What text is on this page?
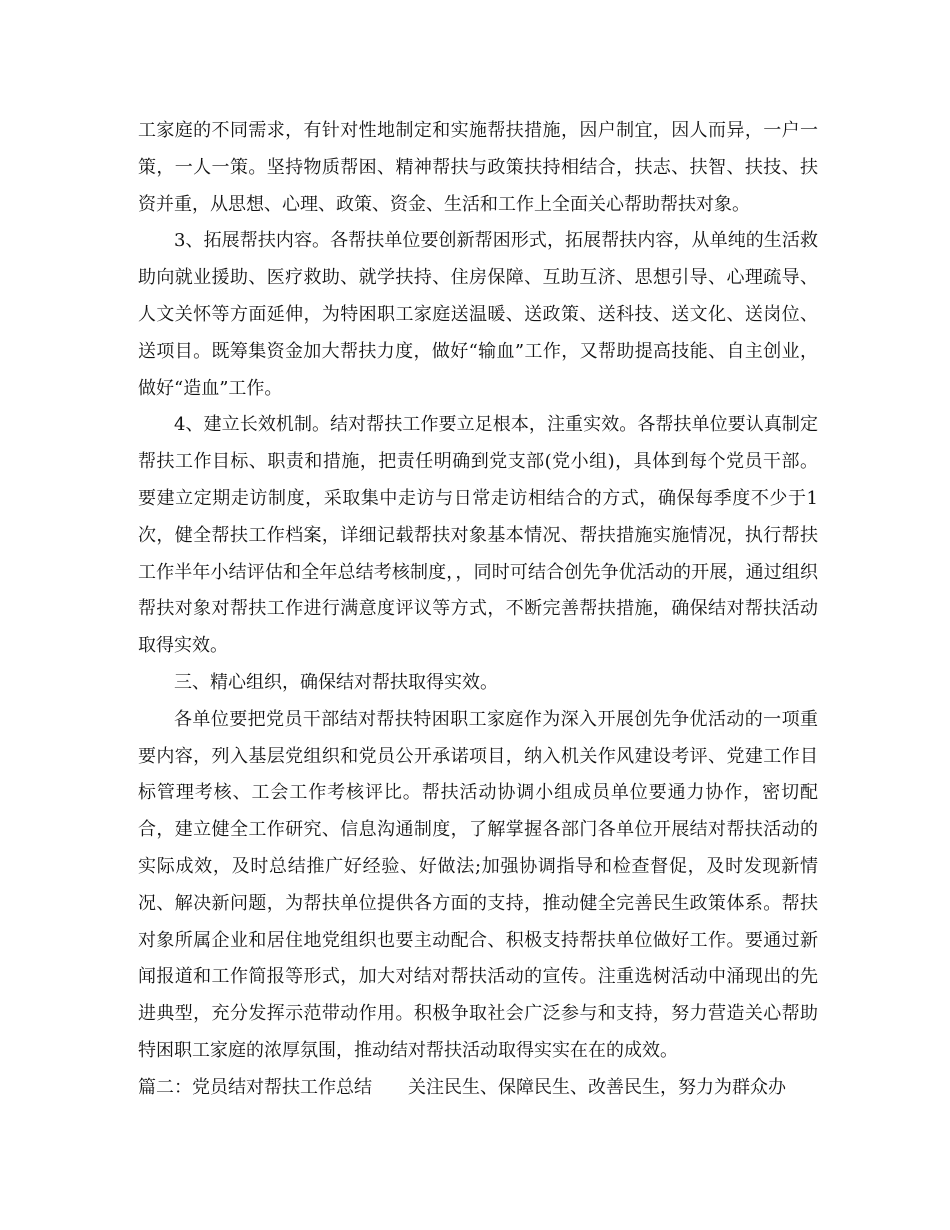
工家庭的不同需求，有针对性地制定和实施帮扶措施，因户制宜，因人而异，一户一策，一人一策。坚持物质帮困、精神帮扶与政策扶持相结合，扶志、扶智、扶技、扶资并重，从思想、心理、政策、资金、生活和工作上全面关心帮助帮扶对象。

3、拓展帮扶内容。各帮扶单位要创新帮困形式，拓展帮扶内容，从单纯的生活救助向就业援助、医疗救助、就学扶持、住房保障、互助互济、思想引导、心理疏导、人文关怀等方面延伸，为特困职工家庭送温暖、送政策、送科技、送文化、送岗位、送项目。既筹集资金加大帮扶力度，做好“输血”工作，又帮助提高技能、自主创业，做好“造血”工作。

4、建立长效机制。结对帮扶工作要立足根本，注重实效。各帮扶单位要认真制定帮扶工作目标、职责和措施，把责任明确到党支部(党小组)，具体到每个党员干部。要建立定期走访制度，采取集中走访与日常走访相结合的方式，确保每季度不少于1次，健全帮扶工作档案，详细记载帮扶对象基本情况、帮扶措施实施情况，执行帮扶工作半年小结评估和全年总结考核制度，，同时可结合创先争优活动的开展，通过组织帮扶对象对帮扶工作进行满意度评议等方式，不断完善帮扶措施，确保结对帮扶活动取得实效。

三、精心组织，确保结对帮扶取得实效。

各单位要把党员干部结对帮扶特困职工家庭作为深入开展创先争优活动的一项重要内容，列入基层党组织和党员公开承诺项目，纳入机关作风建设考评、党建工作目标管理考核、工会工作考核评比。帮扶活动协调小组成员单位要通力协作，密切配合，建立健全工作研究、信息沟通制度，了解掌握各部门各单位开展结对帮扶活动的实际成效，及时总结推广好经验、好做法;加强协调指导和检查督促，及时发现新情况、解决新问题，为帮扶单位提供各方面的支持，推动健全完善民生政策体系。帮扶对象所属企业和居住地党组织也要主动配合、积极支持帮扶单位做好工作。要通过新闻报道和工作简报等形式，加大对结对帮扶活动的宣传。注重选树活动中涌现出的先进典型，充分发挥示范带动作用。积极争取社会广泛参与和支持，努力营造关心帮助特困职工家庭的浓厚氛围，推动结对帮扶活动取得实实在在的成效。

篇二：党员结对帮扶工作总结 关注民生、保障民生、改善民生，努力为群众办
